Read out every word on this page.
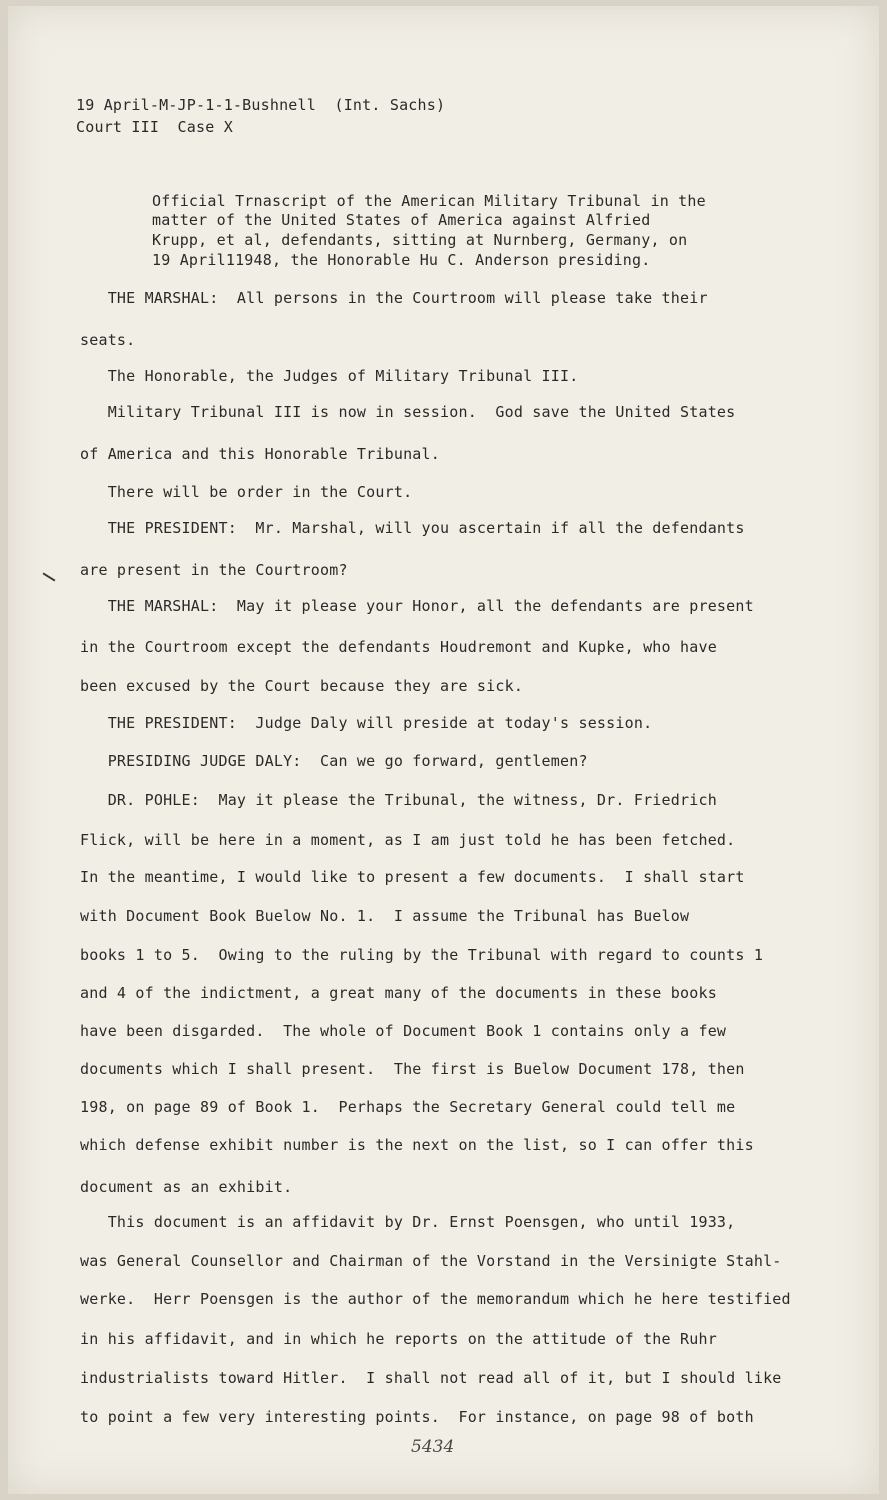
19 April-M-JP-1-1-Bushnell  (Int. Sachs)
Court III  Case X
Official Trnascript of the American Military Tribunal in the
matter of the United States of America against Alfried
Krupp, et al, defendants, sitting at Nurnberg, Germany, on
19 April11948, the Honorable Hu C. Anderson presiding.
THE MARSHAL:  All persons in the Courtroom will please take their
seats.
The Honorable, the Judges of Military Tribunal III.
Military Tribunal III is now in session.  God save the United States
of America and this Honorable Tribunal.
There will be order in the Court.
THE PRESIDENT:  Mr. Marshal, will you ascertain if all the defendants
are present in the Courtroom?
THE MARSHAL:  May it please your Honor, all the defendants are present
in the Courtroom except the defendants Houdremont and Kupke, who have
been excused by the Court because they are sick.
THE PRESIDENT:  Judge Daly will preside at today's session.
PRESIDING JUDGE DALY:  Can we go forward, gentlemen?
DR. POHLE:  May it please the Tribunal, the witness, Dr. Friedrich
Flick, will be here in a moment, as I am just told he has been fetched.
In the meantime, I would like to present a few documents.  I shall start
with Document Book Buelow No. 1.  I assume the Tribunal has Buelow
books 1 to 5.  Owing to the ruling by the Tribunal with regard to counts 1
and 4 of the indictment, a great many of the documents in these books
have been disgarded.  The whole of Document Book 1 contains only a few
documents which I shall present.  The first is Buelow Document 178, then
198, on page 89 of Book 1.  Perhaps the Secretary General could tell me
which defense exhibit number is the next on the list, so I can offer this
document as an exhibit.
This document is an affidavit by Dr. Ernst Poensgen, who until 1933,
was General Counsellor and Chairman of the Vorstand in the Versinigte Stahl-
werke.  Herr Poensgen is the author of the memorandum which he here testified
in his affidavit, and in which he reports on the attitude of the Ruhr
industrialists toward Hitler.  I shall not read all of it, but I should like
to point a few very interesting points.  For instance, on page 98 of both
5434
